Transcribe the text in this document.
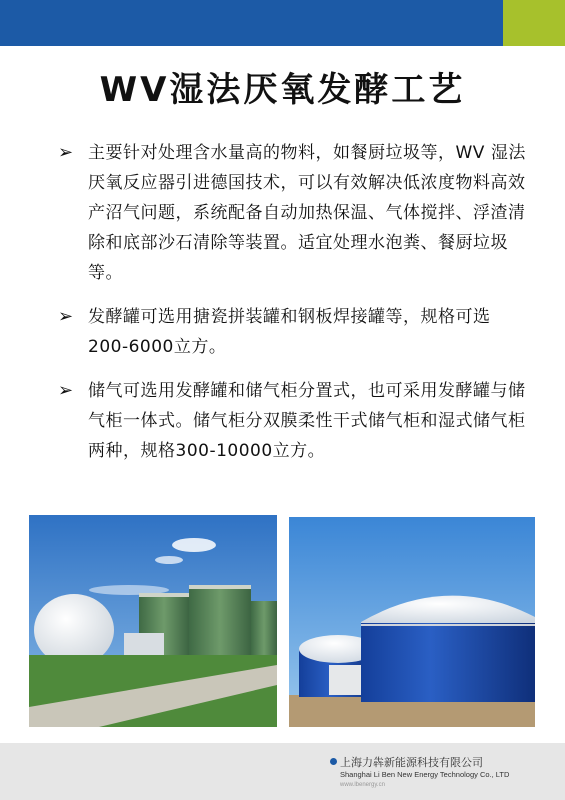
WV湿法厌氧发酵工艺
➢ 主要针对处理含水量高的物料，如餐厨垃圾等，WV 湿法厌氧反应器引进德国技术，可以有效解决低浓度物料高效产沼气问题，系统配备自动加热保温、气体搅拌、浮渣清除和底部沙石清除等装置。适宜处理水泡粪、餐厨垃圾等。
➢ 发酵罐可选用搪瓷拼装罐和钢板焊接罐等，规格可选200-6000立方。
➢ 储气可选用发酵罐和储气柜分置式，也可采用发酵罐与储气柜一体式。储气柜分双膜柔性干式储气柜和湿式储气柜两种，规格300-10000立方。
上海力犇新能源科技有限公司
Shanghai Li Ben New Energy Technology Co., LTD
www.lbenergy.cn
